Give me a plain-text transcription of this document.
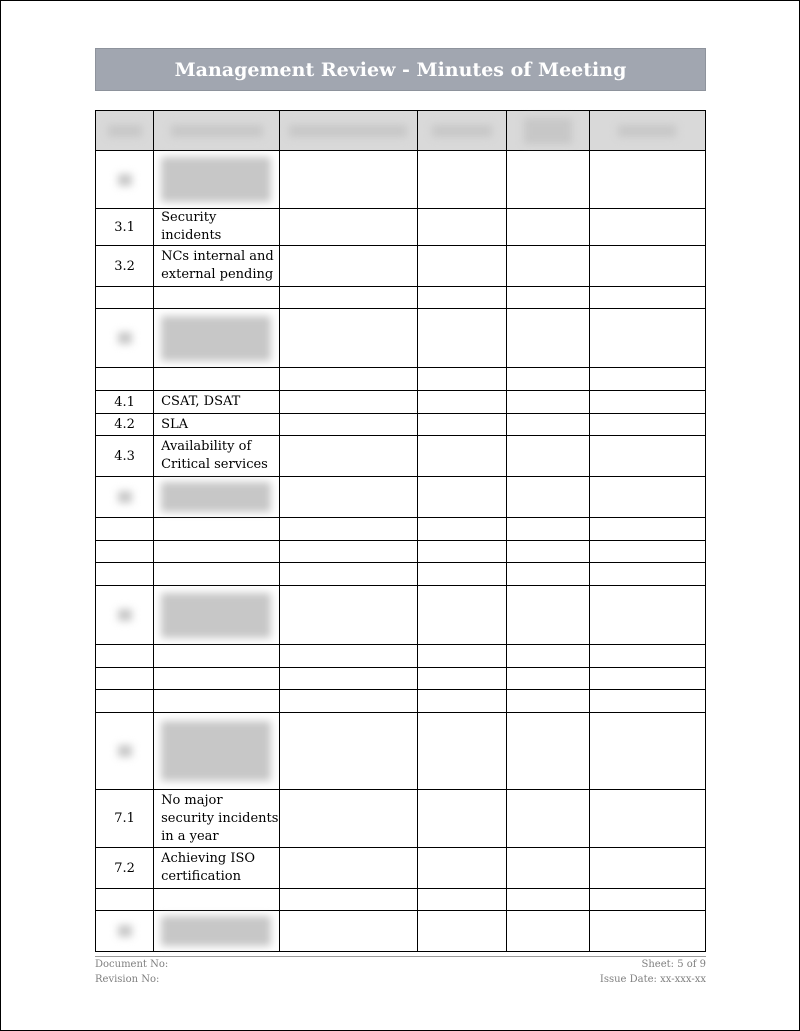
Management Review - Minutes of Meeting

3.1	Security incidents				
3.2	NCs internal and external pending				

4.1	CSAT, DSAT				
4.2	SLA				
4.3	Availability of Critical services				

7.1	No major security incidents in a year				
7.2	Achieving ISO certification				

Document No:	Sheet: 5 of 9
Revision No:	Issue Date: xx-xxx-xx
